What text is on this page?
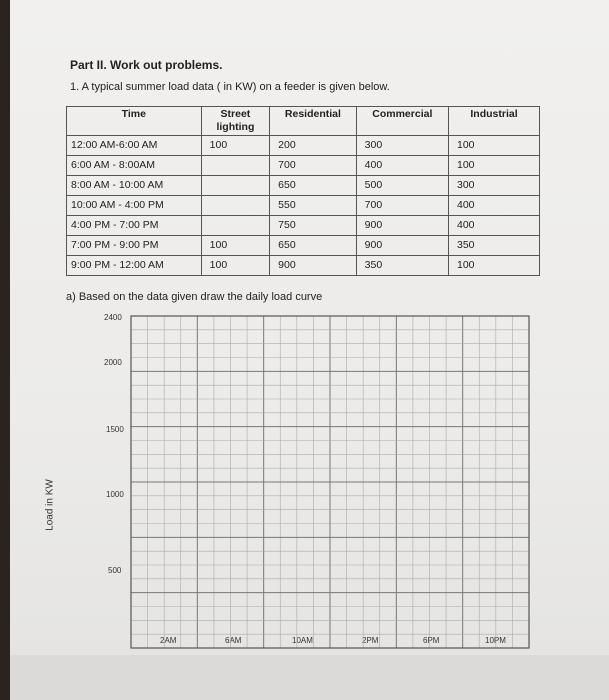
Part II. Work out problems.
1. A typical summer load data ( in KW) on a feeder is given below.
Time	Street lighting	Residential	Commercial	Industrial
12:00 AM-6:00 AM	100	200	300	100
6:00 AM - 8:00AM		700	400	100
8:00 AM - 10:00 AM		650	500	300
10:00 AM - 4:00 PM		550	700	400
4:00 PM - 7:00 PM		750	900	400
7:00 PM - 9:00 PM	100	650	900	350
9:00 PM - 12:00 AM	100	900	350	100
a) Based on the data given draw the daily load curve
Load in KW
2400
2000
1500
1000
500
2AM	6AM	10AM	2PM	6PM	10PM
